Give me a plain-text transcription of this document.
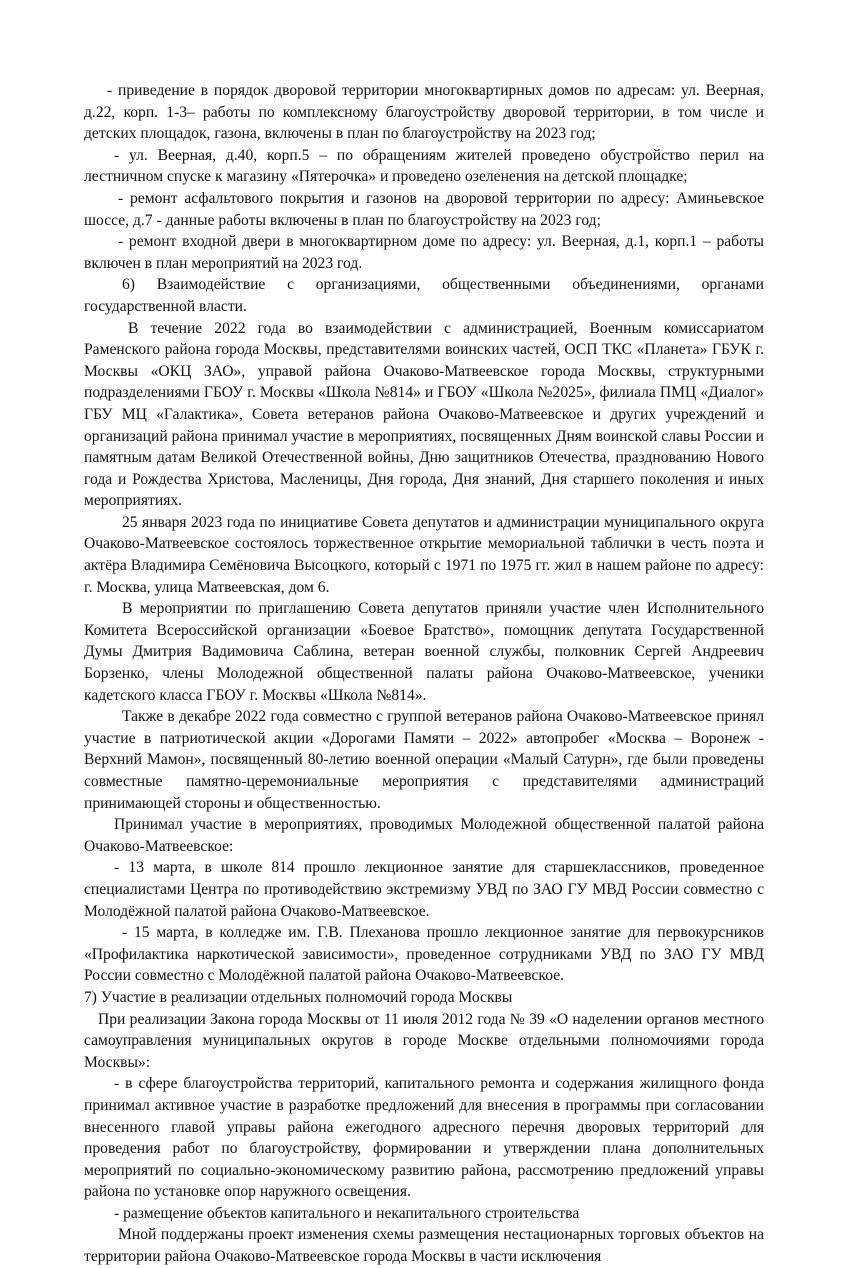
- приведение в порядок дворовой территории многоквартирных домов по адресам: ул. Веерная, д.22, корп. 1-3– работы по комплексному благоустройству дворовой территории, в том числе и детских площадок, газона, включены в план по благоустройству на 2023 год;

- ул. Веерная, д.40, корп.5 – по обращениям жителей проведено обустройство перил на лестничном спуске к магазину «Пятерочка» и проведено озеленения на детской площадке;

- ремонт асфальтового покрытия и газонов на дворовой территории по адресу: Аминьевское шоссе, д.7 - данные работы включены в план по благоустройству на 2023 год;

- ремонт входной двери в многоквартирном доме по адресу: ул. Веерная, д.1, корп.1 – работы включен в план мероприятий на 2023 год.

6) Взаимодействие с организациями, общественными объединениями, органами государственной власти.

В течение 2022 года во взаимодействии с администрацией, Военным комиссариатом Раменского района города Москвы, представителями воинских частей, ОСП ТКС «Планета» ГБУК г. Москвы «ОКЦ ЗАО», управой района Очаково-Матвеевское города Москвы, структурными подразделениями ГБОУ г. Москвы «Школа №814» и ГБОУ «Школа №2025», филиала ПМЦ «Диалог» ГБУ МЦ «Галактика», Совета ветеранов района Очаково-Матвеевское и других учреждений и организаций района принимал участие в мероприятиях, посвященных Дням воинской славы России и памятным датам Великой Отечественной войны, Дню защитников Отечества, празднованию Нового года и Рождества Христова, Масленицы, Дня города, Дня знаний, Дня старшего поколения и иных мероприятиях.

25 января 2023 года по инициативе Совета депутатов и администрации муниципального округа Очаково-Матвеевское состоялось торжественное открытие мемориальной таблички в честь поэта и актёра Владимира Семёновича Высоцкого, который с 1971 по 1975 гг. жил в нашем районе по адресу: г. Москва, улица Матвеевская, дом 6.

В мероприятии по приглашению Совета депутатов приняли участие член Исполнительного Комитета Всероссийской организации «Боевое Братство», помощник депутата Государственной Думы Дмитрия Вадимовича Саблина, ветеран военной службы, полковник Сергей Андреевич Борзенко, члены Молодежной общественной палаты района Очаково-Матвеевское, ученики кадетского класса ГБОУ г. Москвы «Школа №814».

Также в декабре 2022 года совместно с группой ветеранов района Очаково-Матвеевское принял участие в патриотической акции «Дорогами Памяти – 2022» автопробег «Москва – Воронеж - Верхний Мамон», посвященный 80-летию военной операции «Малый Сатурн», где были проведены совместные памятно-церемониальные мероприятия с представителями администраций принимающей стороны и общественностью.

Принимал участие в мероприятиях, проводимых Молодежной общественной палатой района Очаково-Матвеевское:

- 13 марта, в школе 814 прошло лекционное занятие для старшеклассников, проведенное специалистами Центра по противодействию экстремизму УВД по ЗАО ГУ МВД России совместно с Молодёжной палатой района Очаково-Матвеевское.

- 15 марта, в колледже им. Г.В. Плеханова прошло лекционное занятие для первокурсников «Профилактика наркотической зависимости», проведенное сотрудниками УВД по ЗАО ГУ МВД России совместно с Молодёжной палатой района Очаково-Матвеевское.

7) Участие в реализации отдельных полномочий города Москвы

При реализации Закона города Москвы от 11 июля 2012 года № 39 «О наделении органов местного самоуправления муниципальных округов в городе Москве отдельными полномочиями города Москвы»:

- в сфере благоустройства территорий, капитального ремонта и содержания жилищного фонда принимал активное участие в разработке предложений для внесения в программы при согласовании внесенного главой управы района ежегодного адресного перечня дворовых территорий для проведения работ по благоустройству, формировании и утверждении плана дополнительных мероприятий по социально-экономическому развитию района, рассмотрению предложений управы района по установке опор наружного освещения.

- размещение объектов капитального и некапитального строительства

Мной поддержаны проект изменения схемы размещения нестационарных торговых объектов на территории района Очаково-Матвеевское города Москвы в части исключения
